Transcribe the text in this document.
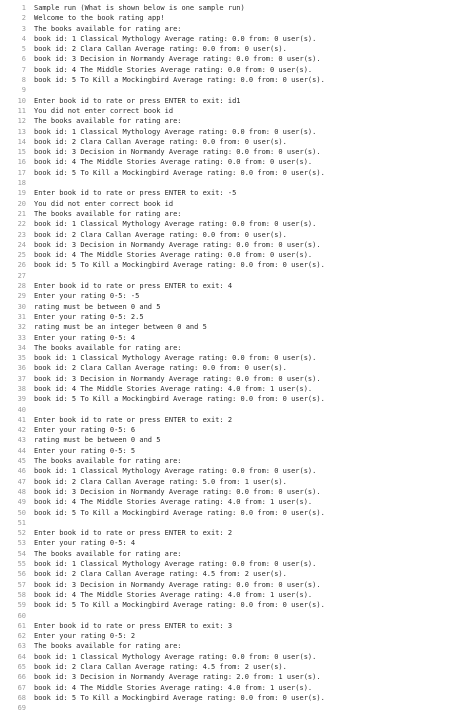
1	Sample run (What is shown below is one sample run)
2	Welcome to the book rating app!
3	The books available for rating are:
4	book id: 1 Classical Mythology Average rating: 0.0 from: 0 user(s).
5	book id: 2 Clara Callan Average rating: 0.0 from: 0 user(s).
6	book id: 3 Decision in Normandy Average rating: 0.0 from: 0 user(s).
7	book id: 4 The Middle Stories Average rating: 0.0 from: 0 user(s).
8	book id: 5 To Kill a Mockingbird Average rating: 0.0 from: 0 user(s).
9
10	Enter book id to rate or press ENTER to exit: id1
11	You did not enter correct book id
12	The books available for rating are:
13	book id: 1 Classical Mythology Average rating: 0.0 from: 0 user(s).
14	book id: 2 Clara Callan Average rating: 0.0 from: 0 user(s).
15	book id: 3 Decision in Normandy Average rating: 0.0 from: 0 user(s).
16	book id: 4 The Middle Stories Average rating: 0.0 from: 0 user(s).
17	book id: 5 To Kill a Mockingbird Average rating: 0.0 from: 0 user(s).
18
19	Enter book id to rate or press ENTER to exit: -5
20	You did not enter correct book id
21	The books available for rating are:
22	book id: 1 Classical Mythology Average rating: 0.0 from: 0 user(s).
23	book id: 2 Clara Callan Average rating: 0.0 from: 0 user(s).
24	book id: 3 Decision in Normandy Average rating: 0.0 from: 0 user(s).
25	book id: 4 The Middle Stories Average rating: 0.0 from: 0 user(s).
26	book id: 5 To Kill a Mockingbird Average rating: 0.0 from: 0 user(s).
27
28	Enter book id to rate or press ENTER to exit: 4
29	Enter your rating 0-5: -5
30	rating must be between 0 and 5
31	Enter your rating 0-5: 2.5
32	rating must be an integer between 0 and 5
33	Enter your rating 0-5: 4
34	The books available for rating are:
35	book id: 1 Classical Mythology Average rating: 0.0 from: 0 user(s).
36	book id: 2 Clara Callan Average rating: 0.0 from: 0 user(s).
37	book id: 3 Decision in Normandy Average rating: 0.0 from: 0 user(s).
38	book id: 4 The Middle Stories Average rating: 4.0 from: 1 user(s).
39	book id: 5 To Kill a Mockingbird Average rating: 0.0 from: 0 user(s).
40
41	Enter book id to rate or press ENTER to exit: 2
42	Enter your rating 0-5: 6
43	rating must be between 0 and 5
44	Enter your rating 0-5: 5
45	The books available for rating are:
46	book id: 1 Classical Mythology Average rating: 0.0 from: 0 user(s).
47	book id: 2 Clara Callan Average rating: 5.0 from: 1 user(s).
48	book id: 3 Decision in Normandy Average rating: 0.0 from: 0 user(s).
49	book id: 4 The Middle Stories Average rating: 4.0 from: 1 user(s).
50	book id: 5 To Kill a Mockingbird Average rating: 0.0 from: 0 user(s).
51
52	Enter book id to rate or press ENTER to exit: 2
53	Enter your rating 0-5: 4
54	The books available for rating are:
55	book id: 1 Classical Mythology Average rating: 0.0 from: 0 user(s).
56	book id: 2 Clara Callan Average rating: 4.5 from: 2 user(s).
57	book id: 3 Decision in Normandy Average rating: 0.0 from: 0 user(s).
58	book id: 4 The Middle Stories Average rating: 4.0 from: 1 user(s).
59	book id: 5 To Kill a Mockingbird Average rating: 0.0 from: 0 user(s).
60
61	Enter book id to rate or press ENTER to exit: 3
62	Enter your rating 0-5: 2
63	The books available for rating are:
64	book id: 1 Classical Mythology Average rating: 0.0 from: 0 user(s).
65	book id: 2 Clara Callan Average rating: 4.5 from: 2 user(s).
66	book id: 3 Decision in Normandy Average rating: 2.0 from: 1 user(s).
67	book id: 4 The Middle Stories Average rating: 4.0 from: 1 user(s).
68	book id: 5 To Kill a Mockingbird Average rating: 0.0 from: 0 user(s).
69
